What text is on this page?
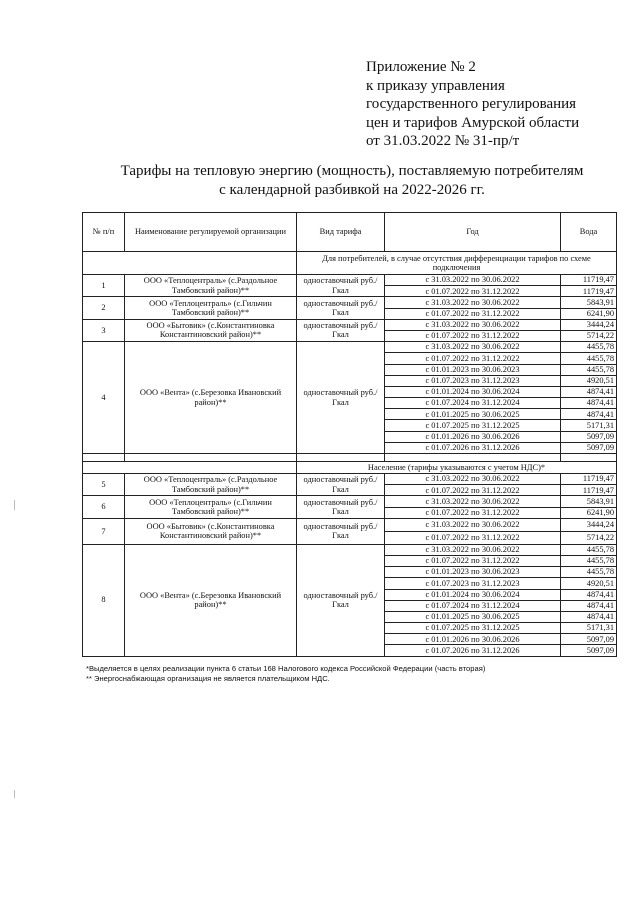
Приложение № 2
к приказу управления
государственного регулирования
цен и тарифов Амурской области
от 31.03.2022 № 31-пр/т
Тарифы на тепловую энергию (мощность), поставляемую потребителям
с календарной разбивкой на 2022-2026 гг.
№ п/п	Наименование регулируемой организации	Вид тарифа	Год	Вода
		Для потребителей, в случае отсутствия дифференциации тарифов по схеме подключения		
1	ООО «Теплоцентраль» (с.Раздольное Тамбовский район)**	одноставочный руб./Гкал	с 31.03.2022 по 30.06.2022	11719,47
			с 01.07.2022 по 31.12.2022	11719,47
2	ООО «Теплоцентраль» (с.Гильчин Тамбовский район)**	одноставочный руб./Гкал	с 31.03.2022 по 30.06.2022	5843,91
			с 01.07.2022 по 31.12.2022	6241,90
3	ООО «Бытовик» (с.Константиновка Константиновский район)**	одноставочный руб./Гкал	с 31.03.2022 по 30.06.2022	3444,24
			с 01.07.2022 по 31.12.2022	5714,22
4	ООО «Вента» (с.Березовка Ивановский район)**	одноставочный руб./Гкал	с 31.03.2022 по 30.06.2022	4455,78
			с 01.07.2022 по 31.12.2022	4455,78
			с 01.01.2023 по 30.06.2023	4455,78
			с 01.07.2023 по 31.12.2023	4920,51
			с 01.01.2024 по 30.06.2024	4874,41
			с 01.07.2024 по 31.12.2024	4874,41
			с 01.01.2025 по 30.06.2025	4874,41
			с 01.07.2025 по 31.12.2025	5171,31
			с 01.01.2026 по 30.06.2026	5097,09
			с 01.07.2026 по 31.12.2026	5097,09

		Население (тарифы указываются с учетом НДС)*		
5	ООО «Теплоцентраль» (с.Раздольное Тамбовский район)**	одноставочный руб./Гкал	с 31.03.2022 по 30.06.2022	11719,47
			с 01.07.2022 по 31.12.2022	11719,47
6	ООО «Теплоцентраль» (с.Гильчин Тамбовский район)**	одноставочный руб./Гкал	с 31.03.2022 по 30.06.2022	5843,91
			с 01.07.2022 по 31.12.2022	6241,90
7	ООО «Бытовик» (с.Константиновка Константиновский район)**	одноставочный руб./Гкал	с 31.03.2022 по 30.06.2022	3444,24
			с 01.07.2022 по 31.12.2022	5714,22
8	ООО «Вента» (с.Березовка Ивановский район)**	одноставочный руб./Гкал	с 31.03.2022 по 30.06.2022	4455,78
			с 01.07.2022 по 31.12.2022	4455,78
			с 01.01.2023 по 30.06.2023	4455,78
			с 01.07.2023 по 31.12.2023	4920,51
			с 01.01.2024 по 30.06.2024	4874,41
			с 01.07.2024 по 31.12.2024	4874,41
			с 01.01.2025 по 30.06.2025	4874,41
			с 01.07.2025 по 31.12.2025	5171,31
			с 01.01.2026 по 30.06.2026	5097,09
			с 01.07.2026 по 31.12.2026	5097,09
*Выделяется в целях реализации пункта 6 статьи 168 Налогового кодекса Российской Федерации (часть вторая)
** Энергоснабжающая организация не является плательщиком НДС.
